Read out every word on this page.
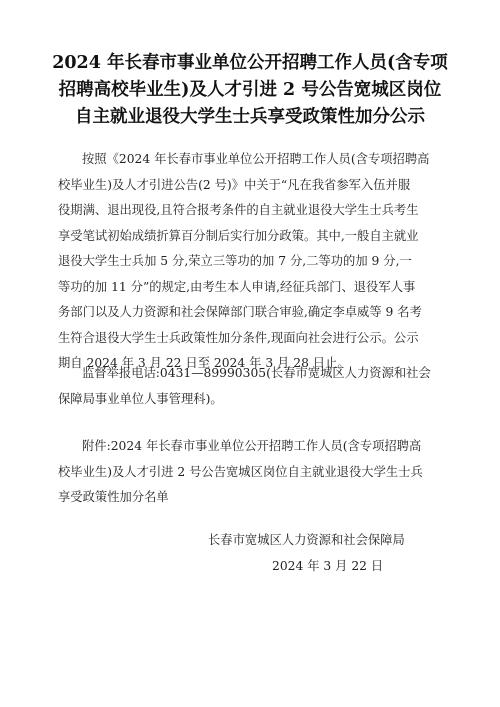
2024 年长春市事业单位公开招聘工作人员(含专项
招聘高校毕业生)及人才引进 2 号公告宽城区岗位
自主就业退役大学生士兵享受政策性加分公示
按照《2024 年长春市事业单位公开招聘工作人员(含专项招聘高
校毕业生)及人才引进公告(2 号)》中关于“凡在我省参军入伍并服
役期满、退出现役,且符合报考条件的自主就业退役大学生士兵考生
享受笔试初始成绩折算百分制后实行加分政策。其中,一般自主就业
退役大学生士兵加 5 分,荣立三等功的加 7 分,二等功的加 9 分,一
等功的加 11 分”的规定,由考生本人申请,经征兵部门、退役军人事
务部门以及人力资源和社会保障部门联合审验,确定李卓威等 9 名考
生符合退役大学生士兵政策性加分条件,现面向社会进行公示。公示
期自 2024 年 3 月 22 日至 2024 年 3 月 28 日止。
监督举报电话:0431—89990305(长春市宽城区人力资源和社会
保障局事业单位人事管理科)。
附件:2024 年长春市事业单位公开招聘工作人员(含专项招聘高
校毕业生)及人才引进 2 号公告宽城区岗位自主就业退役大学生士兵
享受政策性加分名单
长春市宽城区人力资源和社会保障局
2024 年 3 月 22 日
